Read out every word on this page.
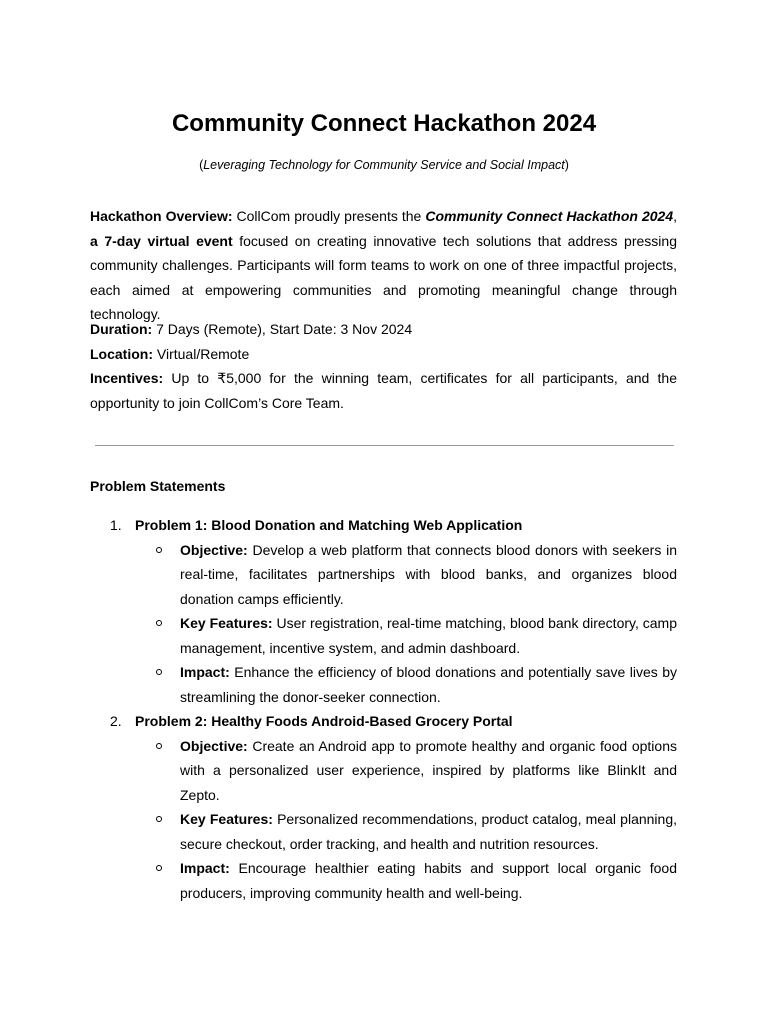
Community Connect Hackathon 2024

(Leveraging Technology for Community Service and Social Impact)

Hackathon Overview: CollCom proudly presents the Community Connect Hackathon 2024, a 7-day virtual event focused on creating innovative tech solutions that address pressing community challenges. Participants will form teams to work on one of three impactful projects, each aimed at empowering communities and promoting meaningful change through technology.

Duration: 7 Days (Remote), Start Date: 3 Nov 2024

Location: Virtual/Remote

Incentives: Up to ₹5,000 for the winning team, certificates for all participants, and the opportunity to join CollCom’s Core Team.

Problem Statements

1. Problem 1: Blood Donation and Matching Web Application
Objective: Develop a web platform that connects blood donors with seekers in real-time, facilitates partnerships with blood banks, and organizes blood donation camps efficiently.
Key Features: User registration, real-time matching, blood bank directory, camp management, incentive system, and admin dashboard.
Impact: Enhance the efficiency of blood donations and potentially save lives by streamlining the donor-seeker connection.
2. Problem 2: Healthy Foods Android-Based Grocery Portal
Objective: Create an Android app to promote healthy and organic food options with a personalized user experience, inspired by platforms like BlinkIt and Zepto.
Key Features: Personalized recommendations, product catalog, meal planning, secure checkout, order tracking, and health and nutrition resources.
Impact: Encourage healthier eating habits and support local organic food producers, improving community health and well-being.
